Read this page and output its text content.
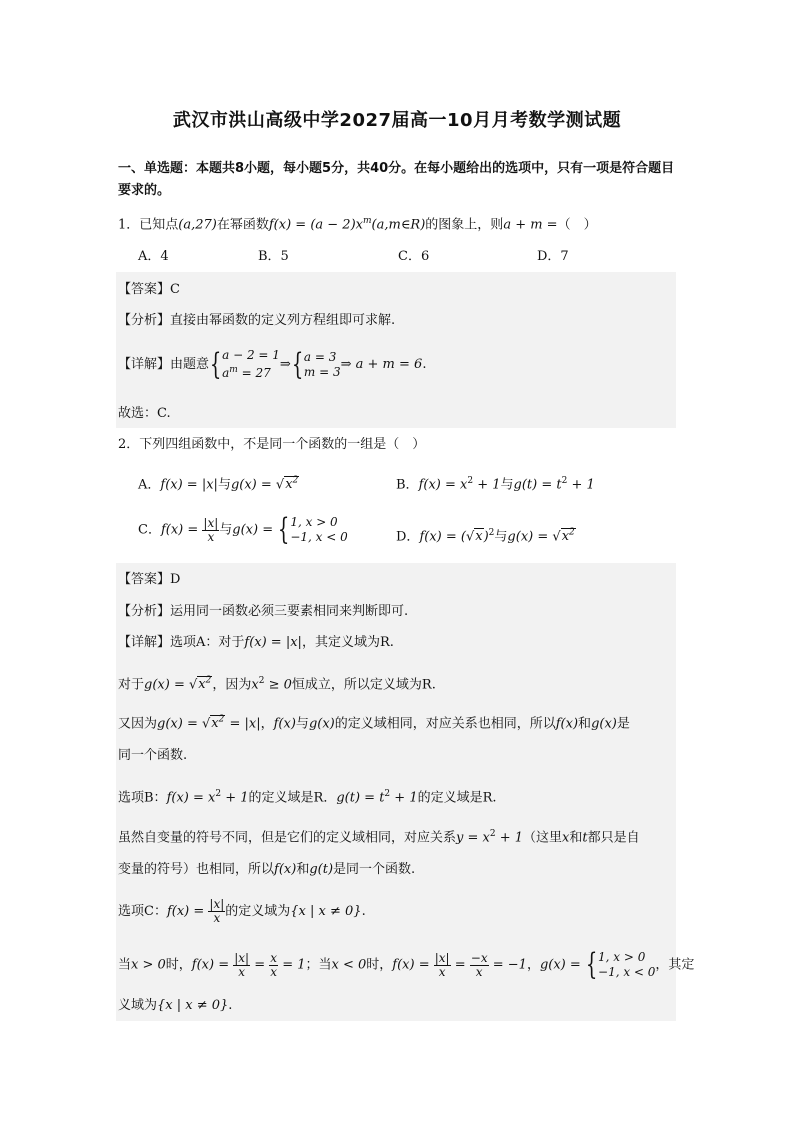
武汉市洪山高级中学2027届高一10月月考数学测试题
一、单选题：本题共8小题，每小题5分，共40分。在每小题给出的选项中，只有一项是符合题目要求的。
1．已知点(a,27)在幂函数$f(x) = (a - 2)x^m(a,m\in R)$的图象上，则a + m =（　）
A．4	B．5	C．6	D．7
【答案】C
【分析】直接由幂函数的定义列方程组即可求解.
【详解】由题意{ a − 2 = 1
$a^m = 27$
⇒{ a = 3
m = 3 ⇒ a + m = 6.
故选：C.
2．下列四组函数中，不是同一个函数的一组是（　）
A．f(x) = |x|与$g(x) = √x^2$	B．$f(x) = x^2 + 1$与$g(t) = t^2 + 1$
C．$f(x) = \frac{|x|}{x}$ 与g(x) = { 1, x > 0
−1, x < 0	D．$f(x) = (√x)^2$与$g(x) = √x^2$
【答案】D
【分析】运用同一函数必须三要素相同来判断即可.
【详解】选项A：对于f(x) = |x|，其定义域为R.
对于$g(x) = √x^2$，因为$x^2 \ge 0$恒成立，所以定义域为R.
又因为$g(x) = √x^2 = |x|$，f(x)与g(x)的定义域相同，对应关系也相同，所以f(x)和g(x)是
同一个函数.
选项B：$f(x) = x^2 + 1$的定义域是R．$g(t) = t^2 + 1$的定义域是R.
虽然自变量的符号不同，但是它们的定义域相同，对应关系$y = x^2 + 1$（这里x和t都只是自
变量的符号）也相同，所以f(x)和g(t)是同一个函数.
选项C：$f(x) = \frac{|x|}{x}$ 的定义域为{x | x ≠ 0}.
当x > 0时，$f(x) = \frac{|x|}{x} = \frac{x}{x} = 1$；当x < 0时，$f(x) = \frac{|x|}{x} = \frac{-x}{x} = -1$，g(x) = { 1, x > 0
−1, x < 0 ，其定
义域为{x | x ≠ 0}.
